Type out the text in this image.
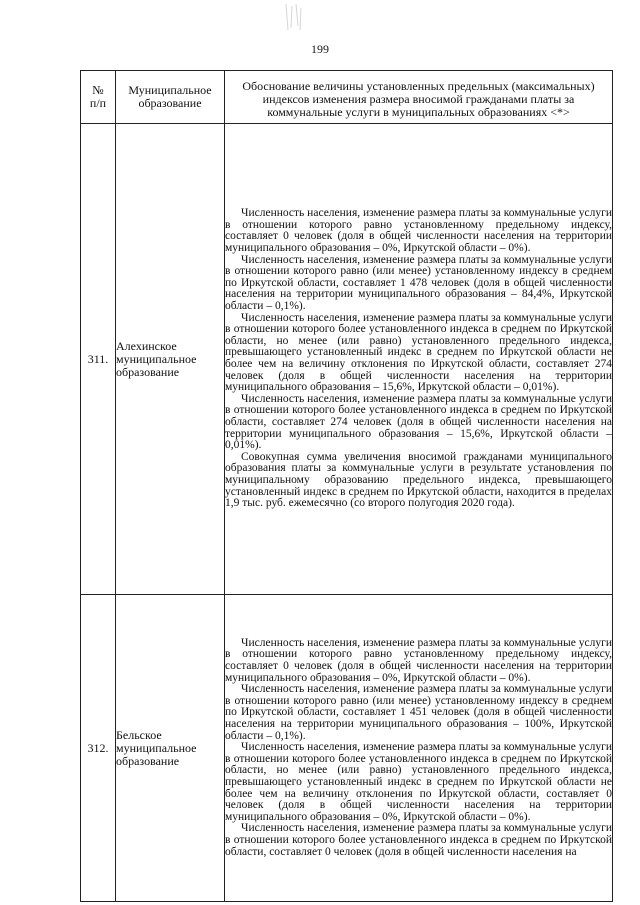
199
№
п/п	Муниципальное образование	Обоснование величины установленных предельных (максимальных) индексов изменения размера вносимой гражданами платы за коммунальные услуги в муниципальных образованиях <*>

311.	Алехинское муниципальное образование	Численность населения, изменение размера платы за коммунальные услуги в отношении которого равно установленному предельному индексу, составляет 0 человек (доля в общей численности населения на территории муниципального образования – 0%, Иркутской области – 0%).

Численность населения, изменение размера платы за коммунальные услуги в отношении которого равно (или менее) установленному индексу в среднем по Иркутской области, составляет 1 478 человек (доля в общей численности населения на территории муниципального образования – 84,4%, Иркутской области – 0,1%).

Численность населения, изменение размера платы за коммунальные услуги в отношении которого более установленного индекса в среднем по Иркутской области, но менее (или равно) установленного предельного индекса, превышающего установленный индекс в среднем по Иркутской области не более чем на величину отклонения по Иркутской области, составляет 274 человек (доля в общей численности населения на территории муниципального образования – 15,6%, Иркутской области – 0,01%).

Численность населения, изменение размера платы за коммунальные услуги в отношении которого более установленного индекса в среднем по Иркутской области, составляет 274 человек (доля в общей численности населения на территории муниципального образования – 15,6%, Иркутской области – 0,01%).

Совокупная сумма увеличения вносимой гражданами муниципального образования платы за коммунальные услуги в результате установления по муниципальному образованию предельного индекса, превышающего установленный индекс в среднем по Иркутской области, находится в пределах 1,9 тыс. руб. ежемесячно (со второго полугодия 2020 года).

312.	Бельское муниципальное образование	Численность населения, изменение размера платы за коммунальные услуги в отношении которого равно установленному предельному индексу, составляет 0 человек (доля в общей численности населения на территории муниципального образования – 0%, Иркутской области – 0%).

Численность населения, изменение размера платы за коммунальные услуги в отношении которого равно (или менее) установленному индексу в среднем по Иркутской области, составляет 1 451 человек (доля в общей численности населения на территории муниципального образования – 100%, Иркутской области – 0,1%).

Численность населения, изменение размера платы за коммунальные услуги в отношении которого более установленного индекса в среднем по Иркутской области, но менее (или равно) установленного предельного индекса, превышающего установленный индекс в среднем по Иркутской области не более чем на величину отклонения по Иркутской области, составляет 0 человек (доля в общей численности населения на территории муниципального образования – 0%, Иркутской области – 0%).

Численность населения, изменение размера платы за коммунальные услуги в отношении которого более установленного индекса в среднем по Иркутской области, составляет 0 человек (доля в общей численности населения на
